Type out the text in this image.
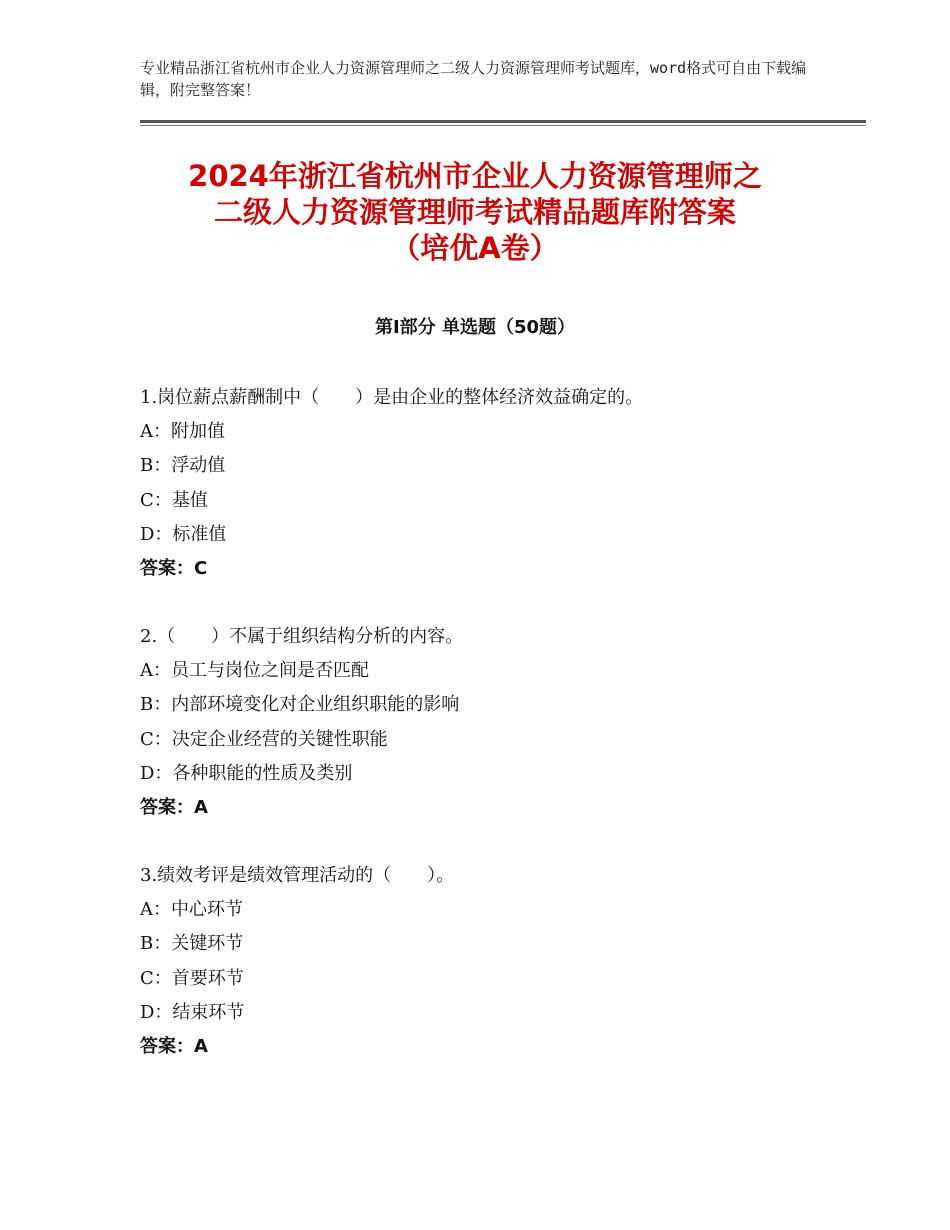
专业精品浙江省杭州市企业人力资源管理师之二级人力资源管理师考试题库，word格式可自由下载编辑，附完整答案！
2024年浙江省杭州市企业人力资源管理师之
二级人力资源管理师考试精品题库附答案
（培优A卷）
第Ⅰ部分 单选题（50题）
1.岗位薪点薪酬制中（　　）是由企业的整体经济效益确定的。
A：附加值
B：浮动值
C：基值
D：标准值
答案：C
2.（　　）不属于组织结构分析的内容。
A：员工与岗位之间是否匹配
B：内部环境变化对企业组织职能的影响
C：决定企业经营的关键性职能
D：各种职能的性质及类别
答案：A
3.绩效考评是绩效管理活动的（　　）。
A：中心环节
B：关键环节
C：首要环节
D：结束环节
答案：A
